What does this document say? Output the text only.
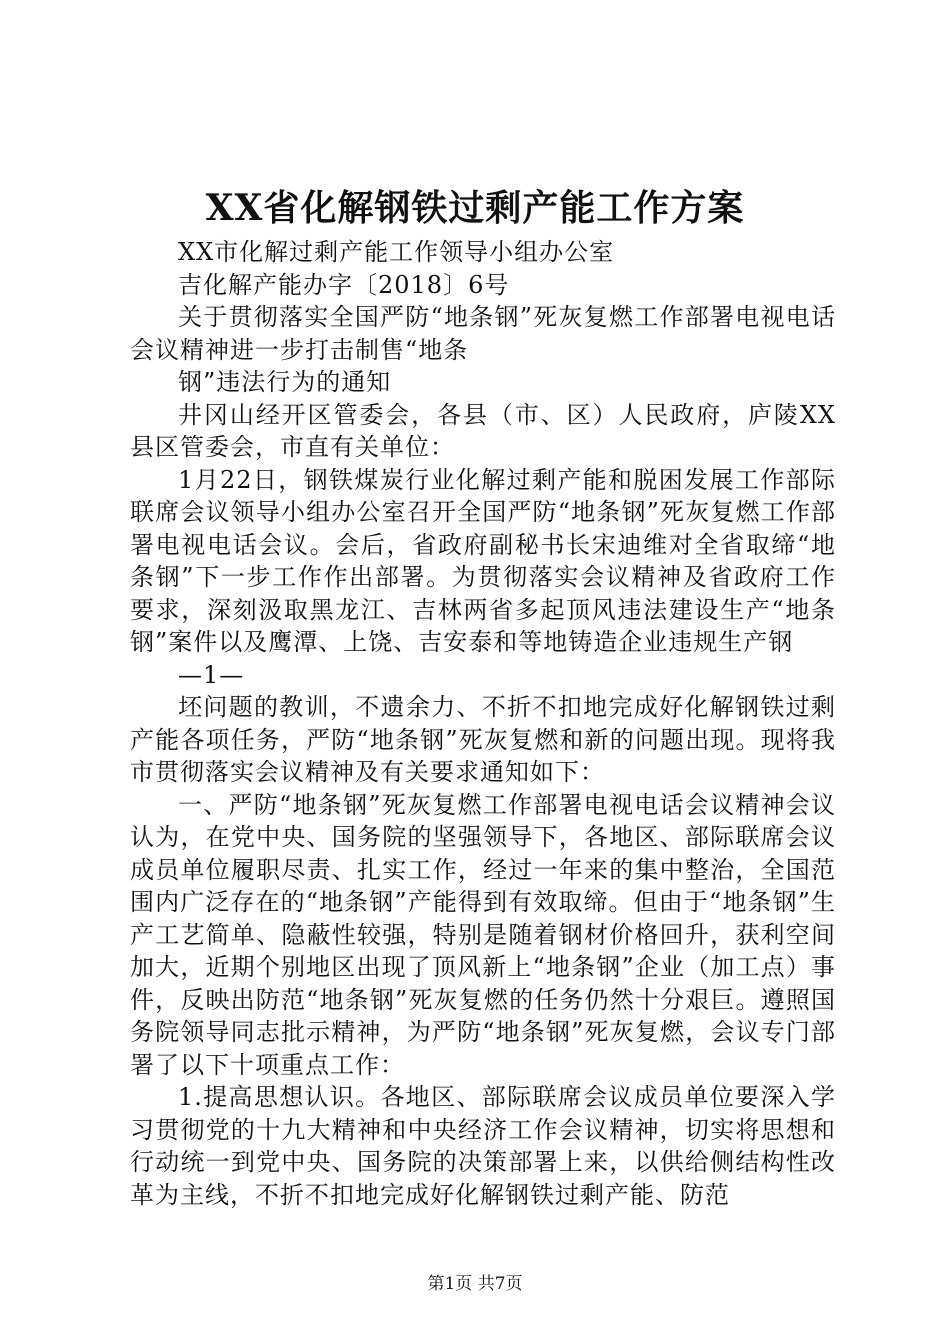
XX省化解钢铁过剩产能工作方案

XX市化解过剩产能工作领导小组办公室

吉化解产能办字〔2018〕6号

关于贯彻落实全国严防“地条钢”死灰复燃工作部署电视电话会议精神进一步打击制售“地条

钢”违法行为的通知

井冈山经开区管委会，各县（市、区）人民政府，庐陵XX县区管委会，市直有关单位：

1月22日，钢铁煤炭行业化解过剩产能和脱困发展工作部际联席会议领导小组办公室召开全国严防“地条钢”死灰复燃工作部署电视电话会议。会后，省政府副秘书长宋迪维对全省取缔“地条钢”下一步工作作出部署。为贯彻落实会议精神及省政府工作要求，深刻汲取黑龙江、吉林两省多起顶风违法建设生产“地条钢”案件以及鹰潭、上饶、吉安泰和等地铸造企业违规生产钢

—1—

坯问题的教训，不遗余力、不折不扣地完成好化解钢铁过剩产能各项任务，严防“地条钢”死灰复燃和新的问题出现。现将我市贯彻落实会议精神及有关要求通知如下：

一、严防“地条钢”死灰复燃工作部署电视电话会议精神会议认为，在党中央、国务院的坚强领导下，各地区、部际联席会议成员单位履职尽责、扎实工作，经过一年来的集中整治，全国范围内广泛存在的“地条钢”产能得到有效取缔。但由于“地条钢”生产工艺简单、隐蔽性较强，特别是随着钢材价格回升，获利空间加大，近期个别地区出现了顶风新上“地条钢”企业（加工点）事件，反映出防范“地条钢”死灰复燃的任务仍然十分艰巨。遵照国务院领导同志批示精神，为严防“地条钢”死灰复燃，会议专门部署了以下十项重点工作：

1.提高思想认识。各地区、部际联席会议成员单位要深入学习贯彻党的十九大精神和中央经济工作会议精神，切实将思想和行动统一到党中央、国务院的决策部署上来，以供给侧结构性改革为主线，不折不扣地完成好化解钢铁过剩产能、防范

第1页 共7页
